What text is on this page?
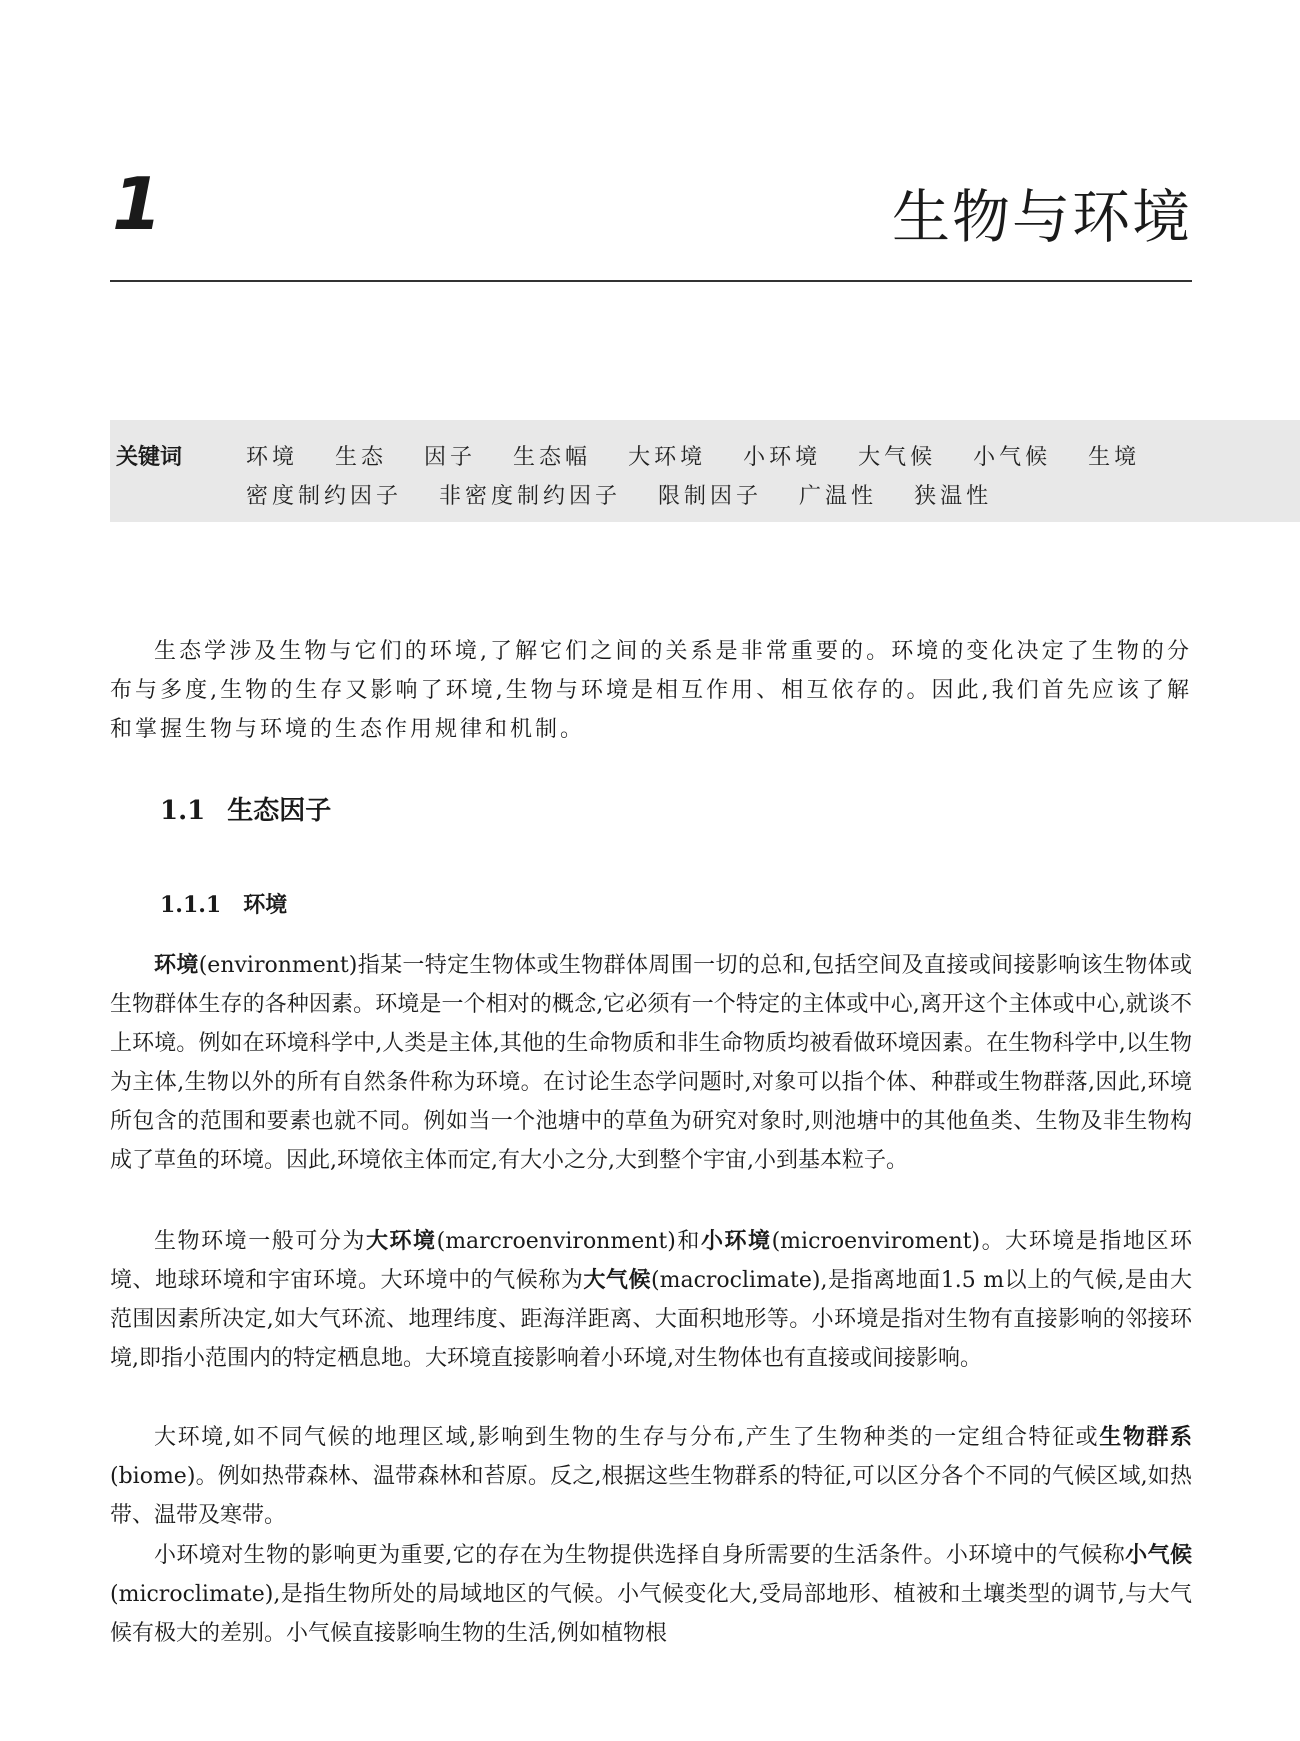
1	生物与环境
关键词	环境 生态 因子 生态幅 大环境 小环境 大气候 小气候 生境 密度制约因子 非密度制约因子 限制因子 广温性 狭温性

生态学涉及生物与它们的环境,了解它们之间的关系是非常重要的。环境的变化决定了生物的分布与多度,生物的生存又影响了环境,生物与环境是相互作用、相互依存的。因此,我们首先应该了解和掌握生物与环境的生态作用规律和机制。

1.1 生态因子
1.1.1 环境

环境(environment)指某一特定生物体或生物群体周围一切的总和,包括空间及直接或间接影响该生物体或生物群体生存的各种因素。环境是一个相对的概念,它必须有一个特定的主体或中心,离开这个主体或中心,就谈不上环境。例如在环境科学中,人类是主体,其他的生命物质和非生命物质均被看做环境因素。在生物科学中,以生物为主体,生物以外的所有自然条件称为环境。在讨论生态学问题时,对象可以指个体、种群或生物群落,因此,环境所包含的范围和要素也就不同。例如当一个池塘中的草鱼为研究对象时,则池塘中的其他鱼类、生物及非生物构成了草鱼的环境。因此,环境依主体而定,有大小之分,大到整个宇宙,小到基本粒子。

生物环境一般可分为大环境(marcroenvironment)和小环境(microenviroment)。大环境是指地区环境、地球环境和宇宙环境。大环境中的气候称为大气候(macroclimate),是指离地面1.5 m以上的气候,是由大范围因素所决定,如大气环流、地理纬度、距海洋距离、大面积地形等。小环境是指对生物有直接影响的邻接环境,即指小范围内的特定栖息地。大环境直接影响着小环境,对生物体也有直接或间接影响。

大环境,如不同气候的地理区域,影响到生物的生存与分布,产生了生物种类的一定组合特征或生物群系(biome)。例如热带森林、温带森林和苔原。反之,根据这些生物群系的特征,可以区分各个不同的气候区域,如热带、温带及寒带。

小环境对生物的影响更为重要,它的存在为生物提供选择自身所需要的生活条件。小环境中的气候称小气候(microclimate),是指生物所处的局域地区的气候。小气候变化大,受局部地形、植被和土壤类型的调节,与大气候有极大的差别。小气候直接影响生物的生活,例如植物根
